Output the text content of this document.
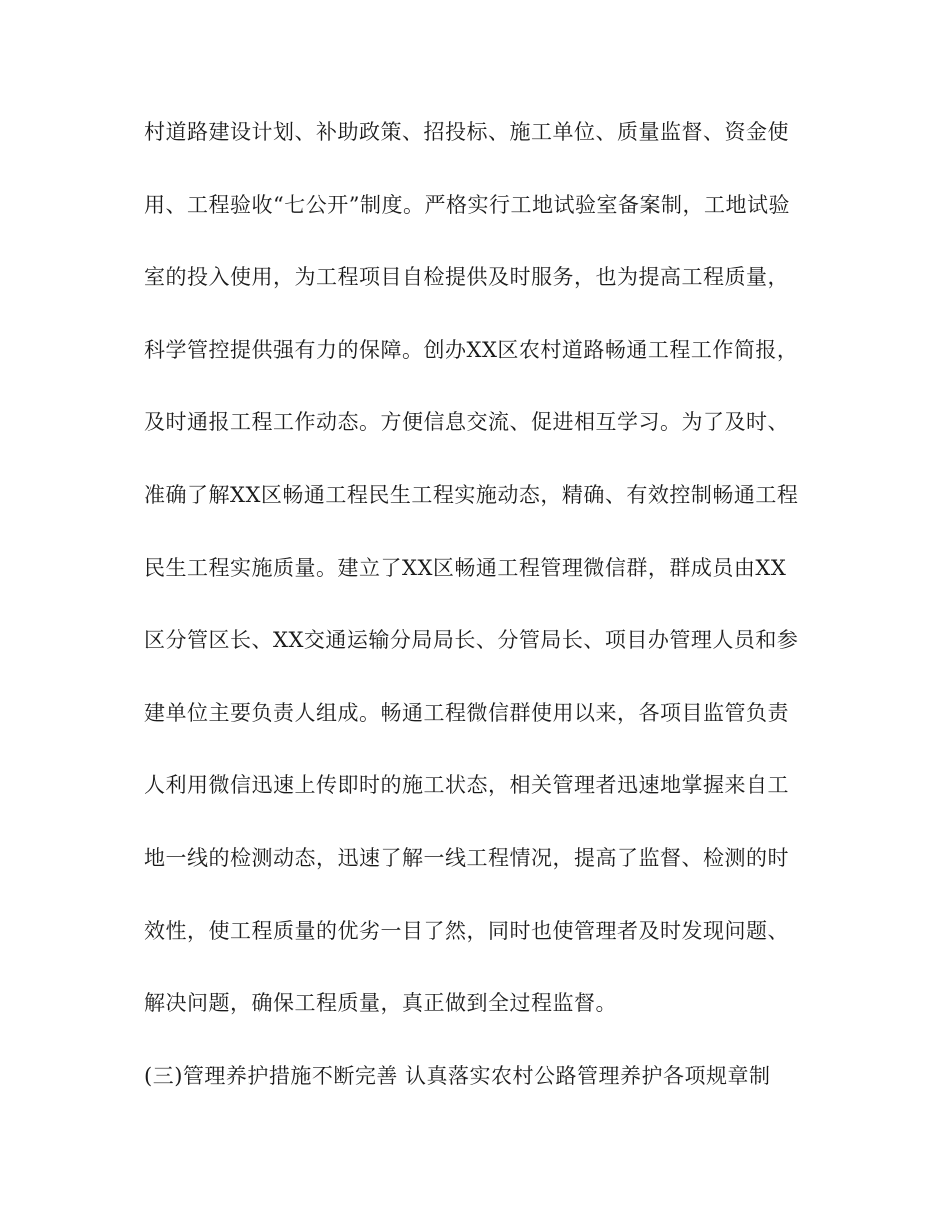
村道路建设计划、补助政策、招投标、施工单位、质量监督、资金使
用、工程验收“七公开”制度。严格实行工地试验室备案制，工地试验
室的投入使用，为工程项目自检提供及时服务，也为提高工程质量，
科学管控提供强有力的保障。创办XX区农村道路畅通工程工作简报，
及时通报工程工作动态。方便信息交流、促进相互学习。为了及时、
准确了解XX区畅通工程民生工程实施动态，精确、有效控制畅通工程
民生工程实施质量。建立了XX区畅通工程管理微信群，群成员由XX
区分管区长、XX交通运输分局局长、分管局长、项目办管理人员和参
建单位主要负责人组成。畅通工程微信群使用以来，各项目监管负责
人利用微信迅速上传即时的施工状态，相关管理者迅速地掌握来自工
地一线的检测动态，迅速了解一线工程情况，提高了监督、检测的时
效性，使工程质量的优劣一目了然，同时也使管理者及时发现问题、
解决问题，确保工程质量，真正做到全过程监督。
(三)管理养护措施不断完善 认真落实农村公路管理养护各项规章制
